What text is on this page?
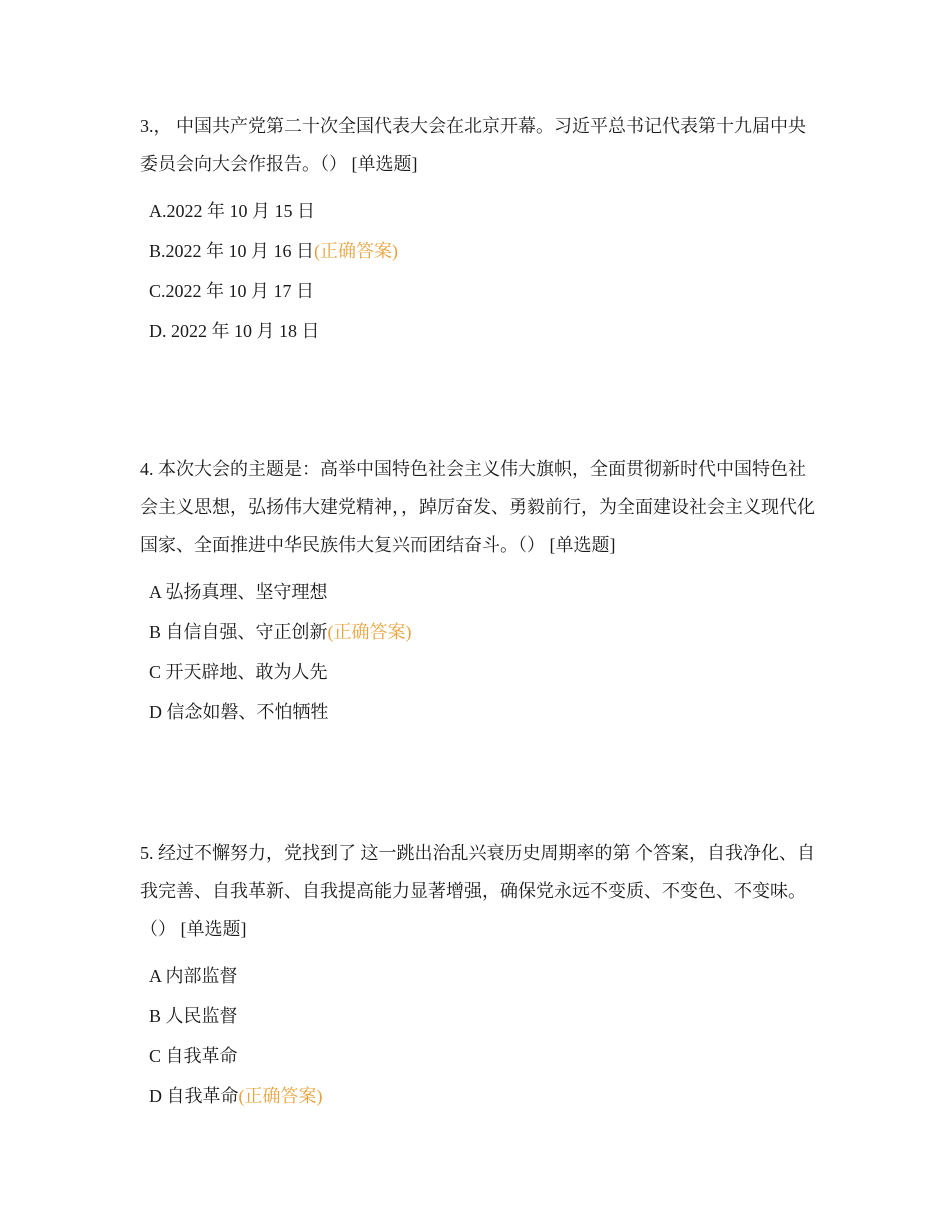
3.， 中国共产党第二十次全国代表大会在北京开幕。习近平总书记代表第十九届中央委员会向大会作报告。（） [单选题]

A.2022 年 10 月 15 日
B.2022 年 10 月 16 日(正确答案)
C.2022 年 10 月 17 日
D. 2022 年 10 月 18 日

4. 本次大会的主题是：高举中国特色社会主义伟大旗帜，全面贯彻新时代中国特色社会主义思想，弘扬伟大建党精神，，踔厉奋发、勇毅前行，为全面建设社会主义现代化国家、全面推进中华民族伟大复兴而团结奋斗。（） [单选题]

A 弘扬真理、坚守理想
B 自信自强、守正创新(正确答案)
C 开天辟地、敢为人先
D 信念如磐、不怕牺牲

5. 经过不懈努力，党找到了 这一跳出治乱兴衰历史周期率的第 个答案，自我净化、自我完善、自我革新、自我提高能力显著增强，确保党永远不变质、不变色、不变味。（） [单选题]

A 内部监督
B 人民监督
C 自我革命
D 自我革命(正确答案)
